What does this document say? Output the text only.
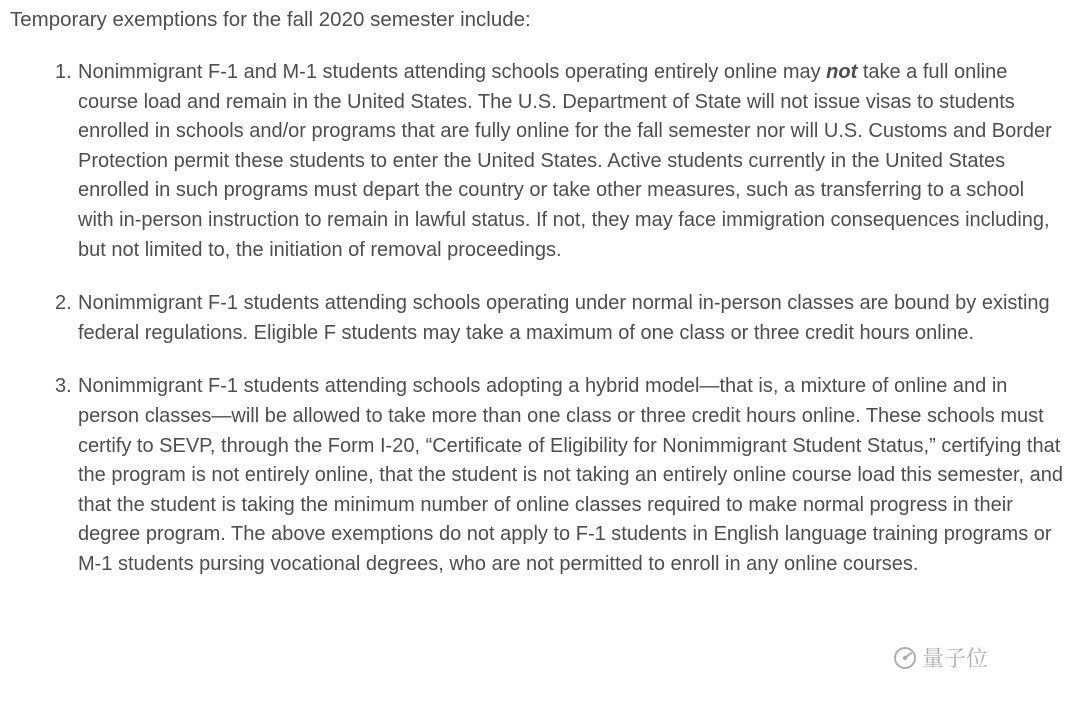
Temporary exemptions for the fall 2020 semester include:

1. Nonimmigrant F-1 and M-1 students attending schools operating entirely online may not take a full online course load and remain in the United States. The U.S. Department of State will not issue visas to students enrolled in schools and/or programs that are fully online for the fall semester nor will U.S. Customs and Border Protection permit these students to enter the United States. Active students currently in the United States enrolled in such programs must depart the country or take other measures, such as transferring to a school with in-person instruction to remain in lawful status. If not, they may face immigration consequences including, but not limited to, the initiation of removal proceedings.
2. Nonimmigrant F-1 students attending schools operating under normal in-person classes are bound by existing federal regulations. Eligible F students may take a maximum of one class or three credit hours online.
3. Nonimmigrant F-1 students attending schools adopting a hybrid model—that is, a mixture of online and in person classes—will be allowed to take more than one class or three credit hours online. These schools must certify to SEVP, through the Form I-20, “Certificate of Eligibility for Nonimmigrant Student Status,” certifying that the program is not entirely online, that the student is not taking an entirely online course load this semester, and that the student is taking the minimum number of online classes required to make normal progress in their degree program. The above exemptions do not apply to F-1 students in English language training programs or M-1 students pursing vocational degrees, who are not permitted to enroll in any online courses.
量子位
